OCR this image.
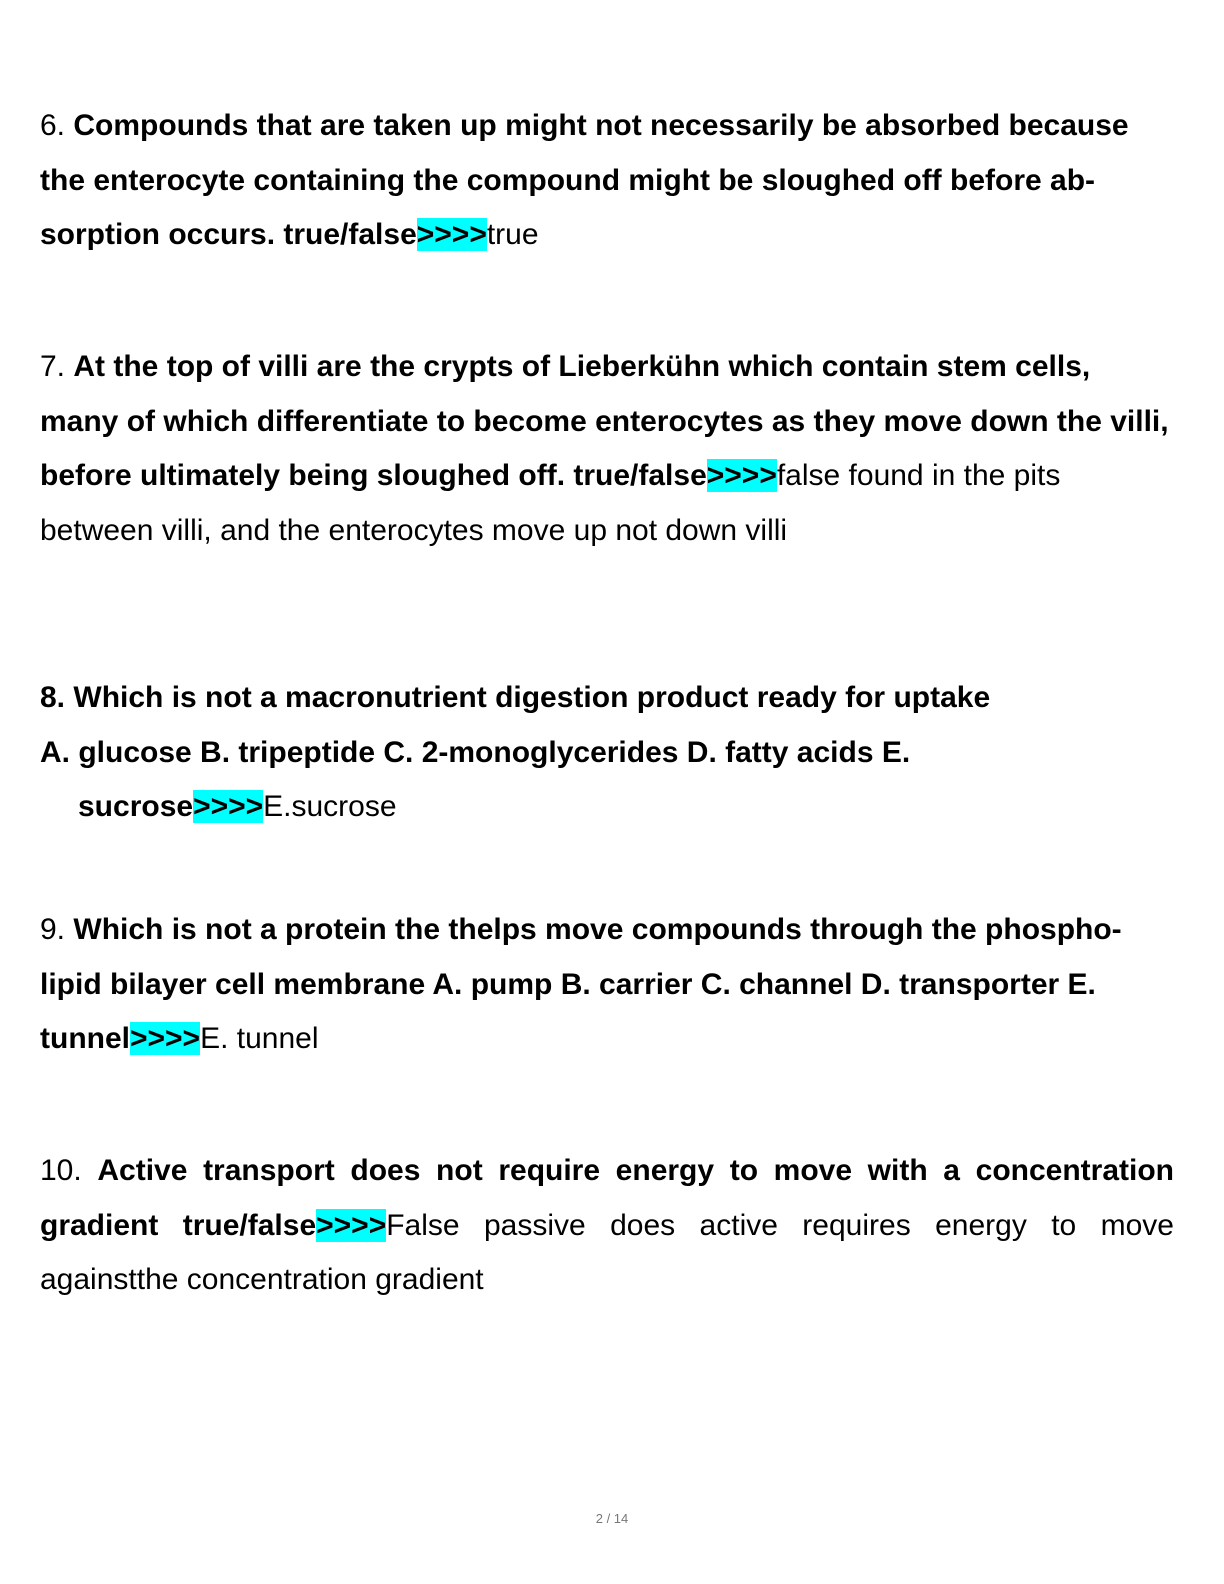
6. Compounds that are taken up might not necessarily be absorbed because the enterocyte containing the compound might be sloughed off before ab- sorption occurs. true/false>>>>true

7. At the top of villi are the crypts of Lieberkühn which contain stem cells, many of which differentiate to become enterocytes as they move down the villi, before ultimately being sloughed off. true/false>>>>false found in the pits between villi, and the enterocytes move up not down villi

8. Which is not a macronutrient digestion product ready for uptake
A. glucose B. tripeptide C. 2-monoglycerides D. fatty acids E.
sucrose>>>>E.sucrose

9. Which is not a protein the thelps move compounds through the phospho- lipid bilayer cell membrane A. pump B. carrier C. channel D. transporter E. tunnel>>>>E. tunnel

10. Active transport does not require energy to move with a concentration gradient true/false>>>>False passive does active requires energy to move againstthe concentration gradient

2 / 14
